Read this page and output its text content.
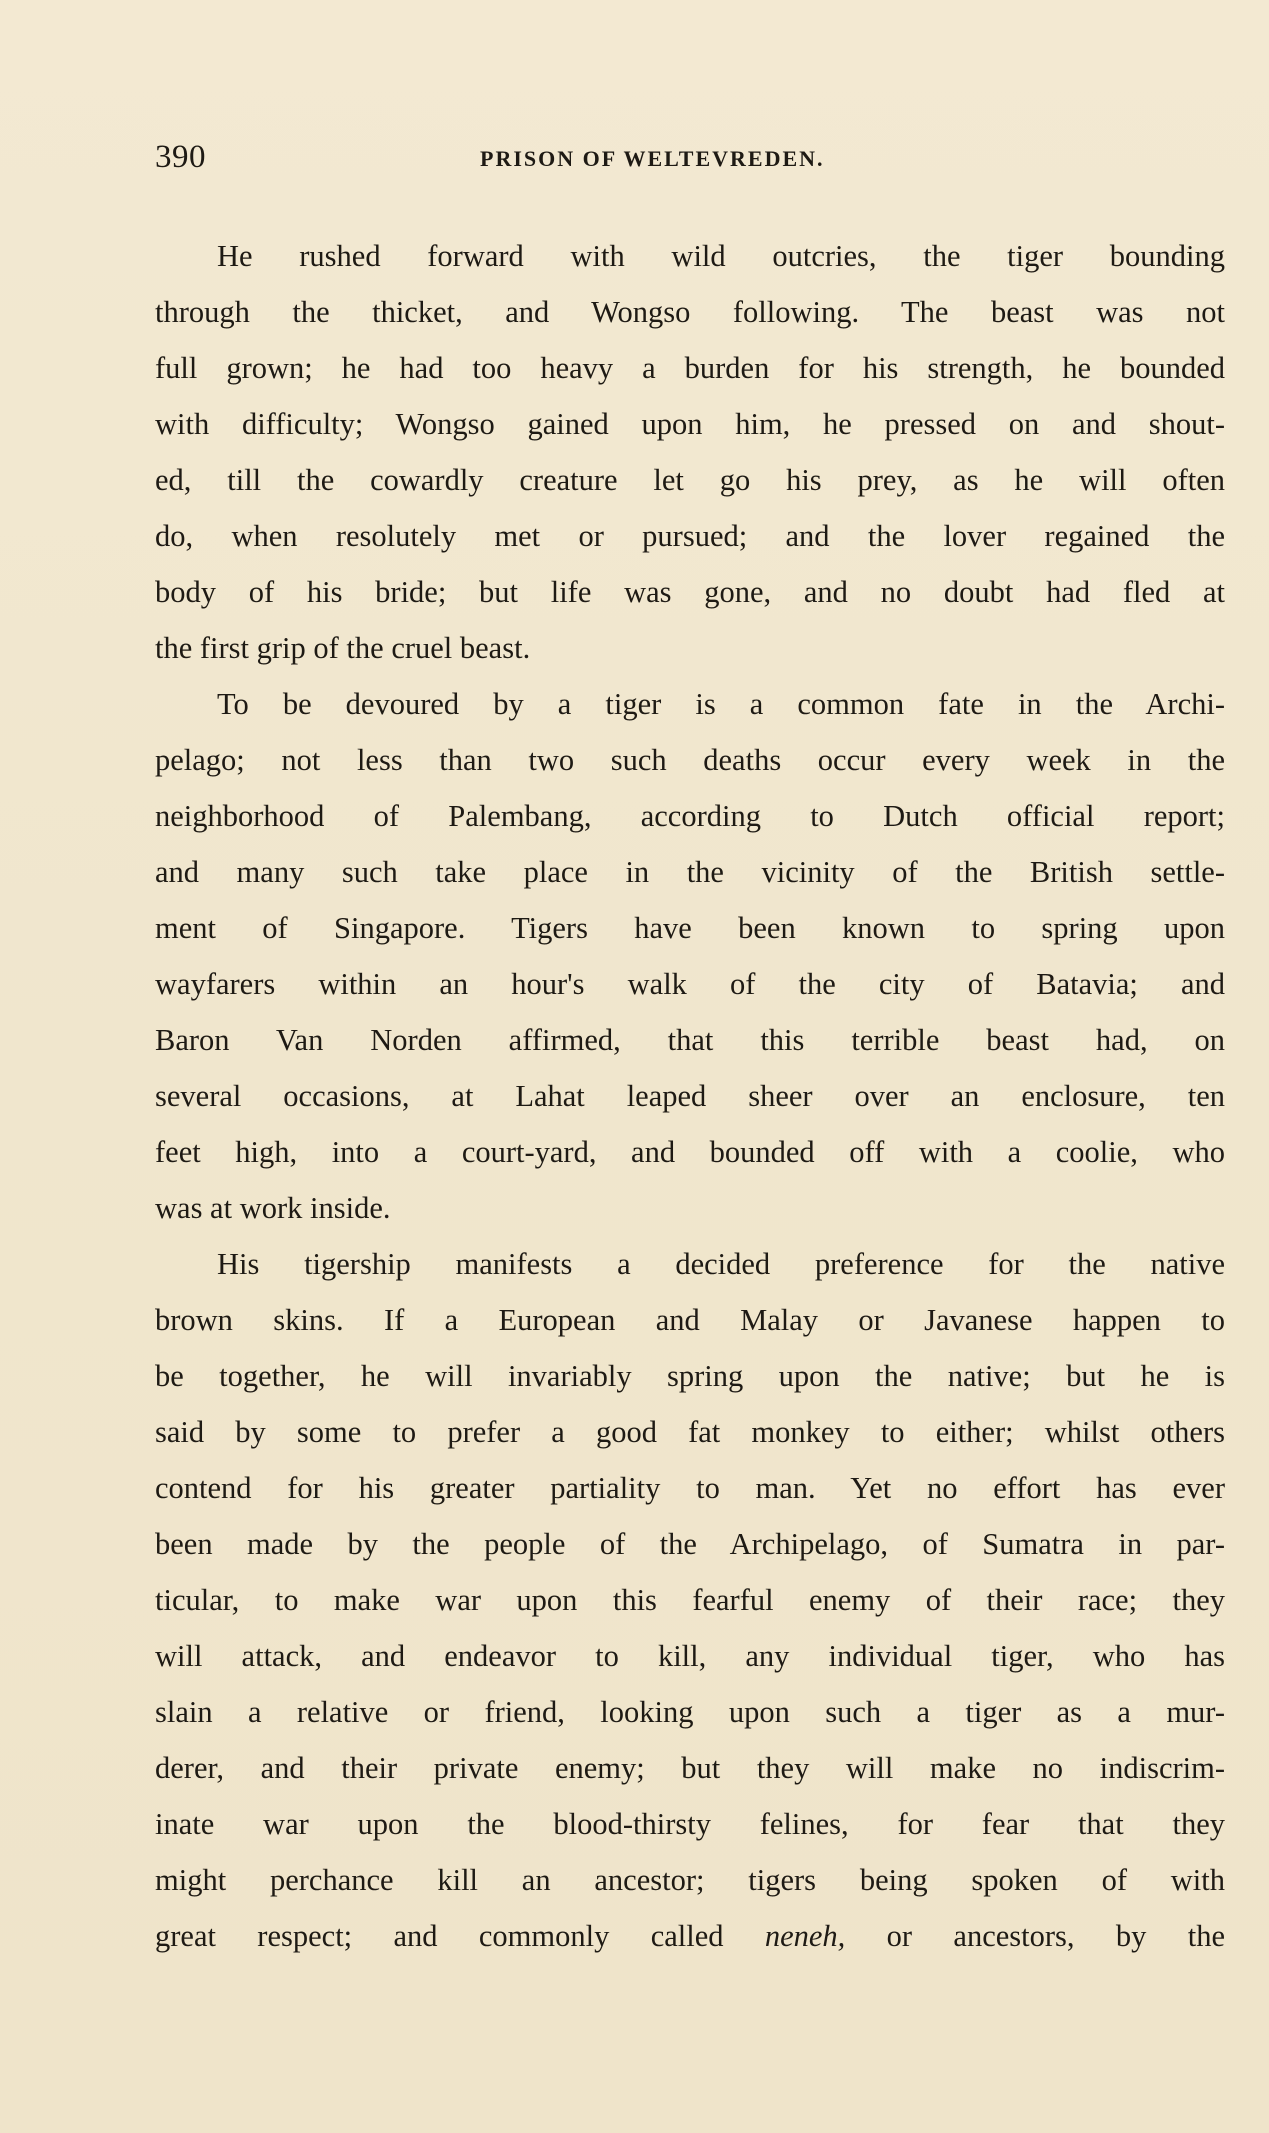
390	PRISON OF WELTEVREDEN.
He rushed forward with wild outcries, the tiger bounding
through the thicket, and Wongso following. The beast was not
full grown; he had too heavy a burden for his strength, he bounded
with difficulty; Wongso gained upon him, he pressed on and shout-
ed, till the cowardly creature let go his prey, as he will often
do, when resolutely met or pursued; and the lover regained the
body of his bride; but life was gone, and no doubt had fled at
the first grip of the cruel beast.
To be devoured by a tiger is a common fate in the Archi-
pelago; not less than two such deaths occur every week in the
neighborhood of Palembang, according to Dutch official report;
and many such take place in the vicinity of the British settle-
ment of Singapore. Tigers have been known to spring upon
wayfarers within an hour's walk of the city of Batavia; and
Baron Van Norden affirmed, that this terrible beast had, on
several occasions, at Lahat leaped sheer over an enclosure, ten
feet high, into a court-yard, and bounded off with a coolie, who
was at work inside.
His tigership manifests a decided preference for the native
brown skins. If a European and Malay or Javanese happen to
be together, he will invariably spring upon the native; but he is
said by some to prefer a good fat monkey to either; whilst others
contend for his greater partiality to man. Yet no effort has ever
been made by the people of the Archipelago, of Sumatra in par-
ticular, to make war upon this fearful enemy of their race; they
will attack, and endeavor to kill, any individual tiger, who has
slain a relative or friend, looking upon such a tiger as a mur-
derer, and their private enemy; but they will make no indiscrim-
inate war upon the blood-thirsty felines, for fear that they
might perchance kill an ancestor; tigers being spoken of with
great respect; and commonly called neneh, or ancestors, by the
